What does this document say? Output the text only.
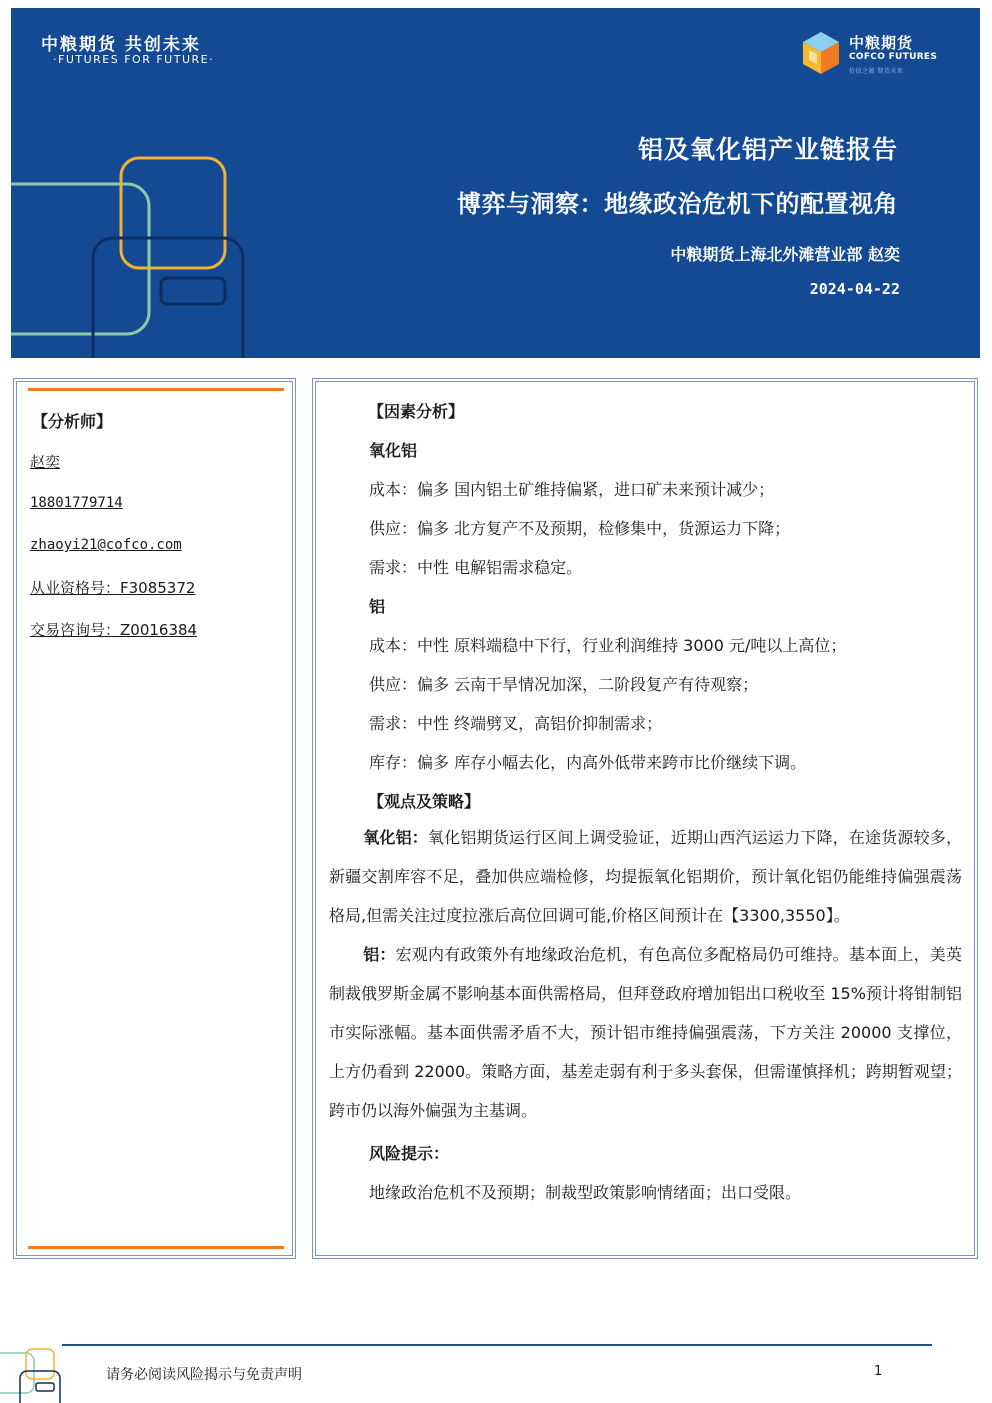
中粮期货 共创未来
·FUTURES FOR FUTURE·
中粮期货
COFCO FUTURES
价值之源 期货未来
铝及氧化铝产业链报告
博弈与洞察：地缘政治危机下的配置视角
中粮期货上海北外滩营业部 赵奕
2024-04-22
【分析师】
赵奕
18801779714
zhaoyi21@cofco.com
从业资格号：F3085372
交易咨询号：Z0016384
【因素分析】
氧化铝
成本：偏多 国内铝土矿维持偏紧，进口矿未来预计减少；
供应：偏多 北方复产不及预期，检修集中，货源运力下降；
需求：中性 电解铝需求稳定。
铝
成本：中性 原料端稳中下行，行业利润维持 3000 元/吨以上高位；
供应：偏多 云南干旱情况加深，二阶段复产有待观察；
需求：中性 终端劈叉，高铝价抑制需求；
库存：偏多 库存小幅去化，内高外低带来跨市比价继续下调。
【观点及策略】
氧化铝：氧化铝期货运行区间上调受验证，近期山西汽运运力下降，在途货源较多，新疆交割库容不足，叠加供应端检修，均提振氧化铝期价，预计氧化铝仍能维持偏强震荡格局,但需关注过度拉涨后高位回调可能,价格区间预计在【3300,3550】。
铝：宏观内有政策外有地缘政治危机，有色高位多配格局仍可维持。基本面上，美英制裁俄罗斯金属不影响基本面供需格局，但拜登政府增加铝出口税收至 15%预计将钳制铝市实际涨幅。基本面供需矛盾不大，预计铝市维持偏强震荡，下方关注 20000 支撑位，上方仍看到 22000。策略方面，基差走弱有利于多头套保，但需谨慎择机；跨期暂观望；跨市仍以海外偏强为主基调。
风险提示：
地缘政治危机不及预期；制裁型政策影响情绪面；出口受限。
请务必阅读风险揭示与免责声明	1
